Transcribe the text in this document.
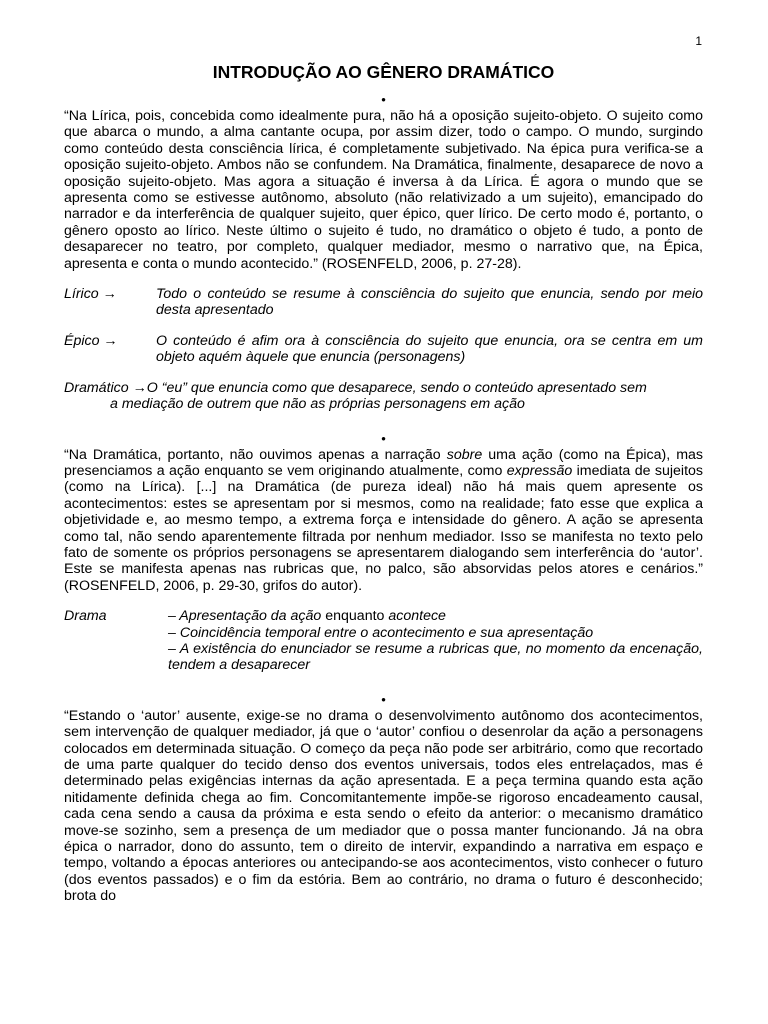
1
INTRODUÇÃO AO GÊNERO DRAMÁTICO
•

“Na Lírica, pois, concebida como idealmente pura, não há a oposição sujeito-objeto. O sujeito como que abarca o mundo, a alma cantante ocupa, por assim dizer, todo o campo. O mundo, surgindo como conteúdo desta consciência lírica, é completamente subjetivado. Na épica pura verifica-se a oposição sujeito-objeto. Ambos não se confundem. Na Dramática, finalmente, desaparece de novo a oposição sujeito-objeto. Mas agora a situação é inversa à da Lírica. É agora o mundo que se apresenta como se estivesse autônomo, absoluto (não relativizado a um sujeito), emancipado do narrador e da interferência de qualquer sujeito, quer épico, quer lírico. De certo modo é, portanto, o gênero oposto ao lírico. Neste último o sujeito é tudo, no dramático o objeto é tudo, a ponto de desaparecer no teatro, por completo, qualquer mediador, mesmo o narrativo que, na Épica, apresenta e conta o mundo acontecido.” (ROSENFELD, 2006, p. 27-28).

Lírico →	Todo o conteúdo se resume à consciência do sujeito que enuncia, sendo por meio desta apresentado
Épico →	O conteúdo é afim ora à consciência do sujeito que enuncia, ora se centra em um objeto aquém àquele que enuncia (personagens)
Dramático →O “eu” que enuncia como que desaparece, sendo o conteúdo apresentado sem
a mediação de outrem que não as próprias personagens em ação
•

“Na Dramática, portanto, não ouvimos apenas a narração sobre uma ação (como na Épica), mas presenciamos a ação enquanto se vem originando atualmente, como expressão imediata de sujeitos (como na Lírica). [...] na Dramática (de pureza ideal) não há mais quem apresente os acontecimentos: estes se apresentam por si mesmos, como na realidade; fato esse que explica a objetividade e, ao mesmo tempo, a extrema força e intensidade do gênero. A ação se apresenta como tal, não sendo aparentemente filtrada por nenhum mediador. Isso se manifesta no texto pelo fato de somente os próprios personagens se apresentarem dialogando sem interferência do ‘autor’. Este se manifesta apenas nas rubricas que, no palco, são absorvidas pelos atores e cenários.” (ROSENFELD, 2006, p. 29-30, grifos do autor).

Drama	– Apresentação da ação enquanto acontece
– Coincidência temporal entre o acontecimento e sua apresentação
– A existência do enunciador se resume a rubricas que, no momento da encenação, tendem a desaparecer
•

“Estando o ‘autor’ ausente, exige-se no drama o desenvolvimento autônomo dos acontecimentos, sem intervenção de qualquer mediador, já que o ‘autor’ confiou o desenrolar da ação a personagens colocados em determinada situação. O começo da peça não pode ser arbitrário, como que recortado de uma parte qualquer do tecido denso dos eventos universais, todos eles entrelaçados, mas é determinado pelas exigências internas da ação apresentada. E a peça termina quando esta ação nitidamente definida chega ao fim. Concomitantemente impõe-se rigoroso encadeamento causal, cada cena sendo a causa da próxima e esta sendo o efeito da anterior: o mecanismo dramático move-se sozinho, sem a presença de um mediador que o possa manter funcionando. Já na obra épica o narrador, dono do assunto, tem o direito de intervir, expandindo a narrativa em espaço e tempo, voltando a épocas anteriores ou antecipando-se aos acontecimentos, visto conhecer o futuro (dos eventos passados) e o fim da estória. Bem ao contrário, no drama o futuro é desconhecido; brota do
